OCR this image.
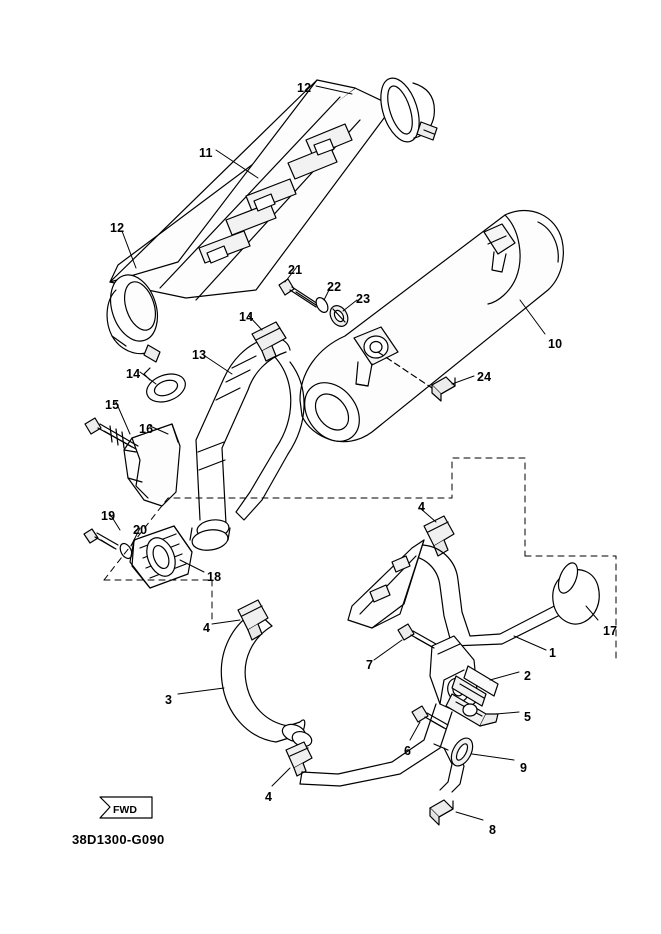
FWD
12
11
12
21
22
23
10
14
13
14	24
15
16
19
20
4
18
17
1
4
7
2
5
3
6
9
4
8
38D1300-G090
